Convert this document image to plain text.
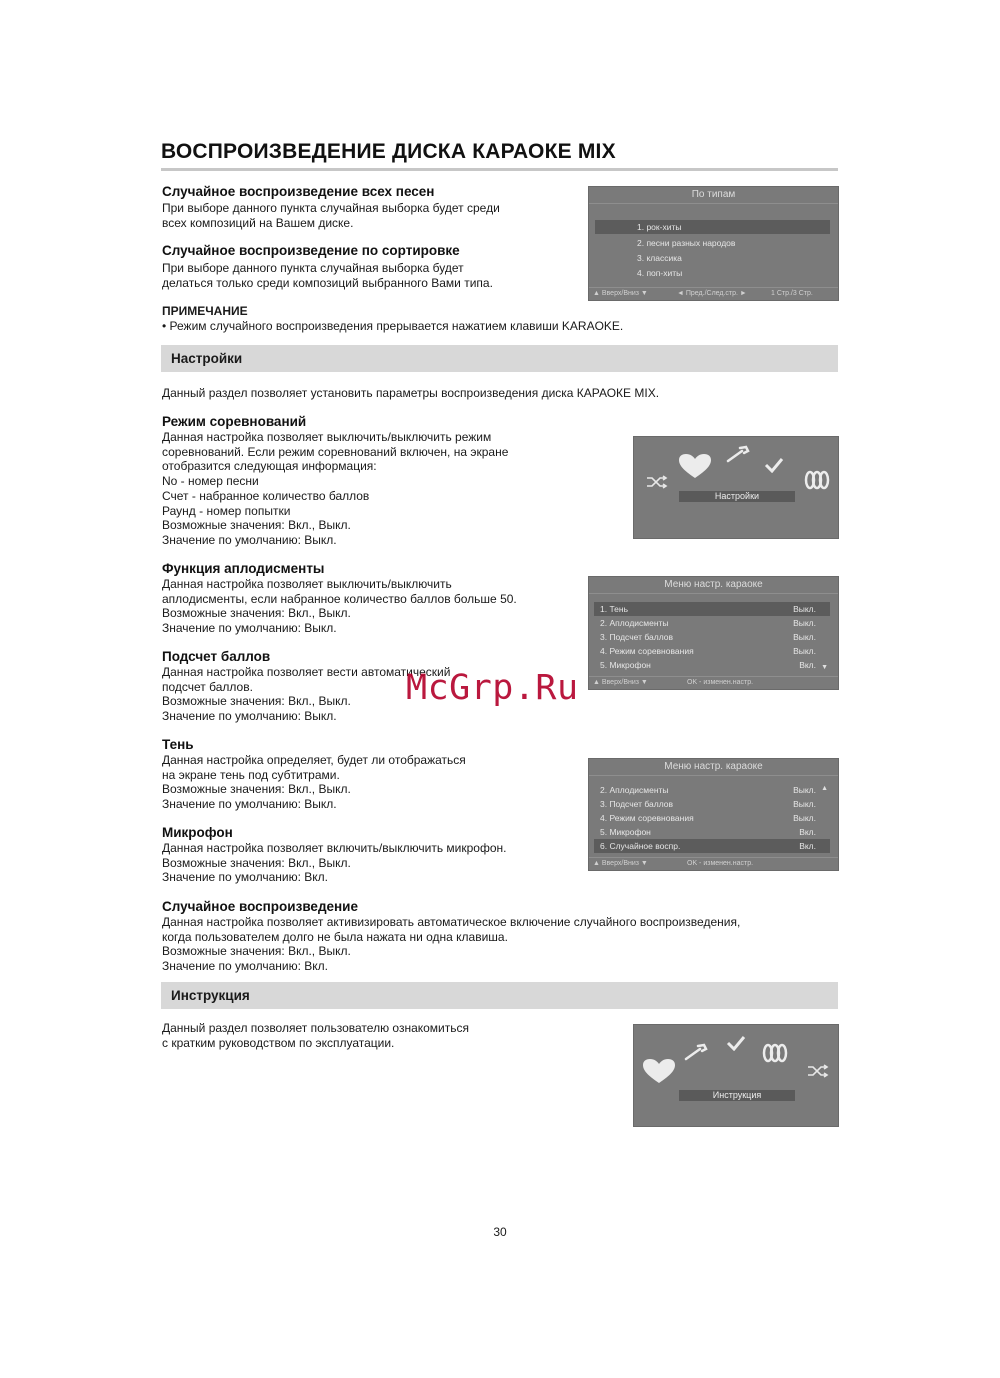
ВОСПРОИЗВЕДЕНИЕ ДИСКА КАРАОКЕ MIX
Случайное воспроизведение всех песен
При выборе данного пункта случайная выборка будет среди
всех композиций на Вашем диске.
Случайное воспроизведение по сортировке
При выборе данного пункта случайная выборка будет
делаться только среди композиций выбранного Вами типа.
ПРИМЕЧАНИЕ
• Режим случайного воспроизведения прерывается нажатием клавиши KARAOKE.
По типам
1. рок-хиты
2. песни разных народов
3. классика
4. поп-хиты
▲ Вверх/Вниз ▼	◄ Пред./След.стр. ►	1 Стр./3 Стр.
Настройки
Данный раздел позволяет установить параметры воспроизведения диска КАРАОКЕ MIX.
Режим соревнований
Данная настройка позволяет выключить/выключить режим
соревнований. Если режим соревнований включен, на экране
отобразится следующая информация:
No - номер песни
Счет - набранное количество баллов
Раунд - номер попытки
Возможные значения: Вкл., Выкл.
Значение по умолчанию: Выкл.
Настройки
Функция аплодисменты
Данная настройка позволяет выключить/выключить
аплодисменты, если набранное количество баллов больше 50.
Возможные значения: Вкл., Выкл.
Значение по умолчанию: Выкл.
Меню настр. караоке
1. Тень	Выкл.
2. Аплодисменты	Выкл.
3. Подсчет баллов	Выкл.
4. Режим соревнования	Выкл.
5. Микрофон	Вкл. ▼
▲ Вверх/Вниз ▼	OK - изменен.настр.
Подсчет баллов
Данная настройка позволяет вести автоматический
подсчет баллов.
Возможные значения: Вкл., Выкл.
Значение по умолчанию: Выкл.
McGrp.Ru
Тень
Данная настройка определяет, будет ли отображаться
на экране тень под субтитрами.
Возможные значения: Вкл., Выкл.
Значение по умолчанию: Выкл.
Меню настр. караоке
▲
2. Аплодисменты	Выкл.
3. Подсчет баллов	Выкл.
4. Режим соревнования	Выкл.
5. Микрофон	Вкл.
6. Случайное воспр.	Вкл.
▲ Вверх/Вниз ▼	OK - изменен.настр.
Микрофон
Данная настройка позволяет включить/выключить микрофон.
Возможные значения: Вкл., Выкл.
Значение по умолчанию: Вкл.
Случайное воспроизведение
Данная настройка позволяет активизировать автоматическое включение случайного воспроизведения,
когда пользователем долго не была нажата ни одна клавиша.
Возможные значения: Вкл., Выкл.
Значение по умолчанию: Вкл.
Инструкция
Данный раздел позволяет пользователю ознакомиться
с кратким руководством по эксплуатации.
Инструкция
30
